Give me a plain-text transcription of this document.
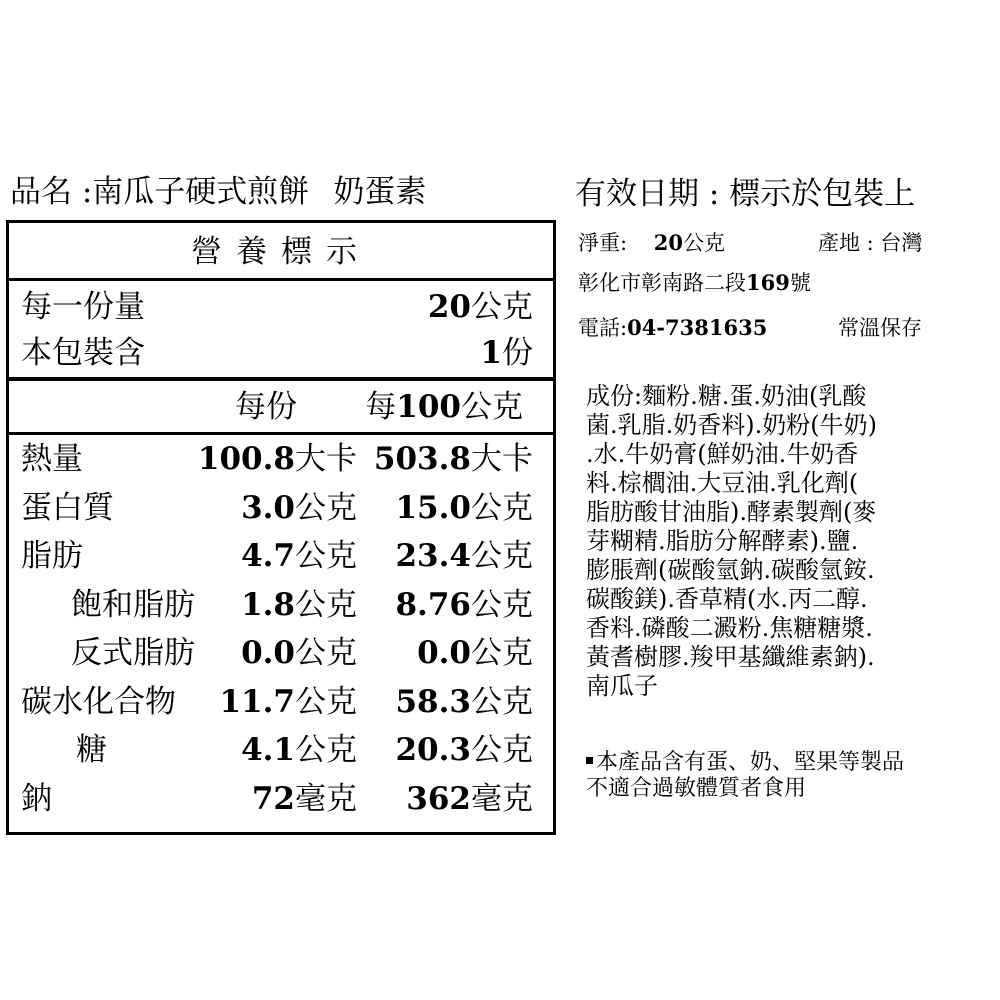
品名 :南瓜子硬式煎餅 奶蛋素
營養標示
每一份量	20公克
本包裝含	1份
每份 每100公克
熱量	100.8大卡 503.8大卡
蛋白質	3.0公克 15.0公克
脂肪	4.7公克 23.4公克
飽和脂肪 1.8公克 8.76公克
反式脂肪 0.0公克 0.0公克
碳水化合物 11.7公克 58.3公克
糖	4.1公克 20.3公克
鈉	72毫克 362毫克
有效日期 : 標示於包裝上
淨重:    20公克	產地 : 台灣
彰化市彰南路二段169號
電話:04-7381635	常溫保存
成份:麵粉.糖.蛋.奶油(乳酸
菌.乳脂.奶香料).奶粉(牛奶)
.水.牛奶膏(鮮奶油.牛奶香
料.棕櫚油.大豆油.乳化劑(
脂肪酸甘油脂).酵素製劑(麥
芽糊精.脂肪分解酵素).鹽.
膨脹劑(碳酸氫鈉.碳酸氫銨.
碳酸鎂).香草精(水.丙二醇.
香料.磷酸二澱粉.焦糖糖漿.
黃耆樹膠.羧甲基纖維素鈉).
南瓜子
本產品含有蛋、奶、堅果等製品
不適合過敏體質者食用
